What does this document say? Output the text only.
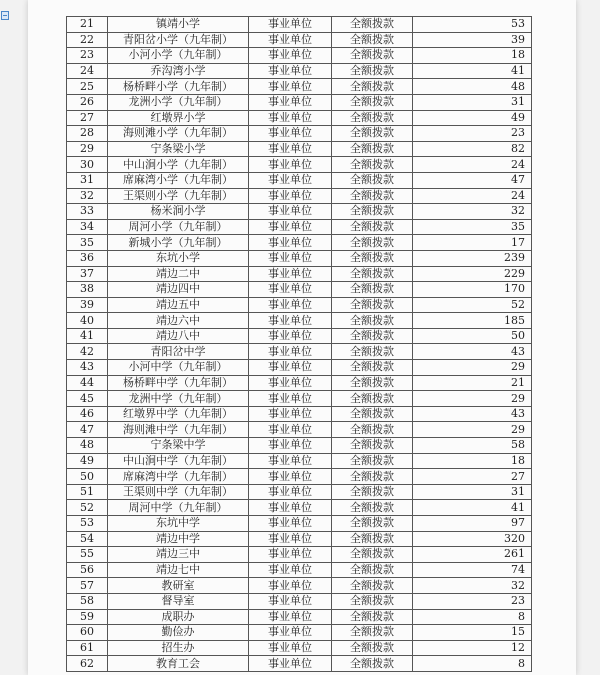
21	镇靖小学	事业单位	全额拨款	53
22	青阳岔小学（九年制）	事业单位	全额拨款	39
23	小河小学（九年制）	事业单位	全额拨款	18
24	乔沟湾小学	事业单位	全额拨款	41
25	杨桥畔小学（九年制）	事业单位	全额拨款	48
26	龙洲小学（九年制）	事业单位	全额拨款	31
27	红墩界小学	事业单位	全额拨款	49
28	海则滩小学（九年制）	事业单位	全额拨款	23
29	宁条梁小学	事业单位	全额拨款	82
30	中山涧小学（九年制）	事业单位	全额拨款	24
31	席麻湾小学（九年制）	事业单位	全额拨款	47
32	王渠则小学（九年制）	事业单位	全额拨款	24
33	杨米涧小学	事业单位	全额拨款	32
34	周河小学（九年制）	事业单位	全额拨款	35
35	新城小学（九年制）	事业单位	全额拨款	17
36	东坑小学	事业单位	全额拨款	239
37	靖边二中	事业单位	全额拨款	229
38	靖边四中	事业单位	全额拨款	170
39	靖边五中	事业单位	全额拨款	52
40	靖边六中	事业单位	全额拨款	185
41	靖边八中	事业单位	全额拨款	50
42	青阳岔中学	事业单位	全额拨款	43
43	小河中学（九年制）	事业单位	全额拨款	29
44	杨桥畔中学（九年制）	事业单位	全额拨款	21
45	龙洲中学（九年制）	事业单位	全额拨款	29
46	红墩界中学（九年制）	事业单位	全额拨款	43
47	海则滩中学（九年制）	事业单位	全额拨款	29
48	宁条梁中学	事业单位	全额拨款	58
49	中山涧中学（九年制）	事业单位	全额拨款	18
50	席麻湾中学（九年制）	事业单位	全额拨款	27
51	王渠则中学（九年制）	事业单位	全额拨款	31
52	周河中学（九年制）	事业单位	全额拨款	41
53	东坑中学	事业单位	全额拨款	97
54	靖边中学	事业单位	全额拨款	320
55	靖边三中	事业单位	全额拨款	261
56	靖边七中	事业单位	全额拨款	74
57	教研室	事业单位	全额拨款	32
58	督导室	事业单位	全额拨款	23
59	成职办	事业单位	全额拨款	8
60	勤俭办	事业单位	全额拨款	15
61	招生办	事业单位	全额拨款	12
62	教育工会	事业单位	全额拨款	8
